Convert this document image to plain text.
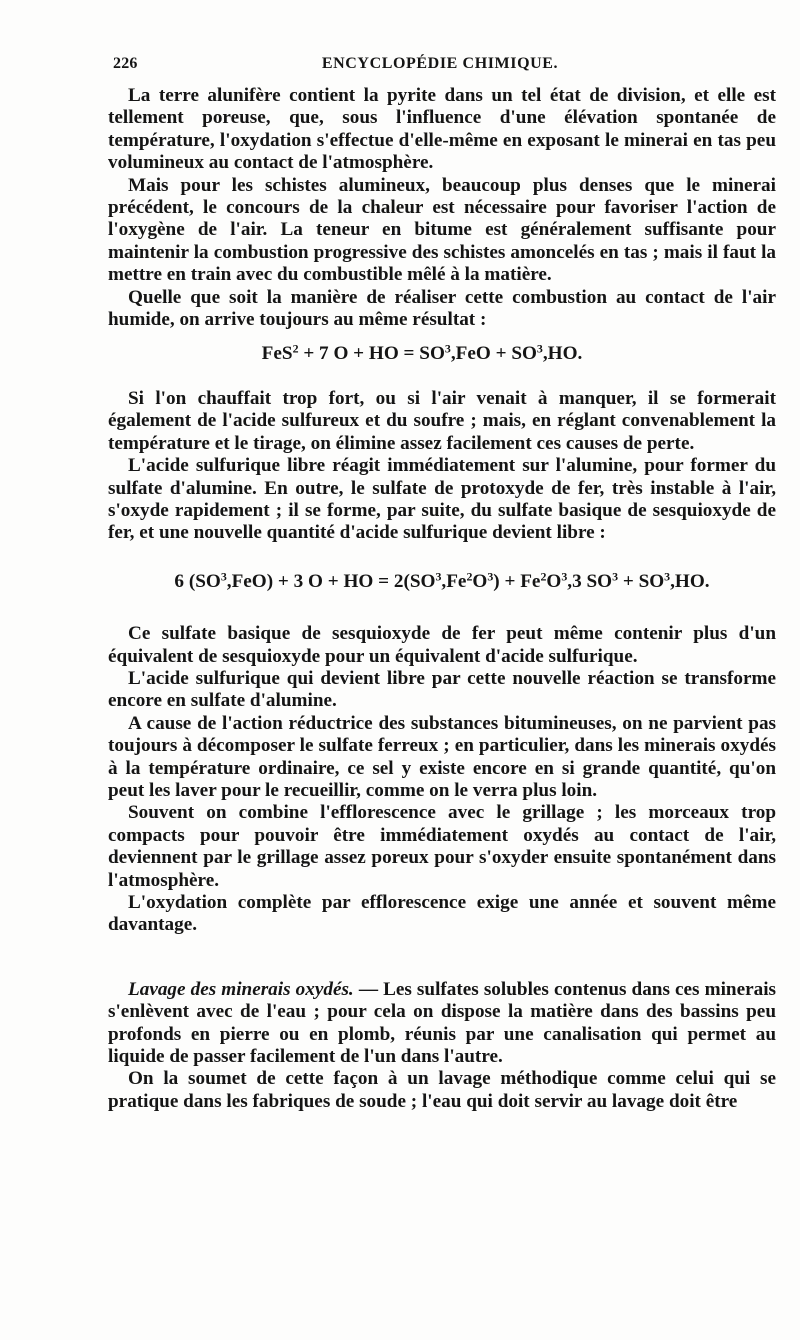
226	ENCYCLOPÉDIE CHIMIQUE.

La terre alunifère contient la pyrite dans un tel état de division, et elle est tellement poreuse, que, sous l'influence d'une élévation spontanée de température, l'oxydation s'effectue d'elle-même en exposant le minerai en tas peu volumineux au contact de l'atmosphère.

Mais pour les schistes alumineux, beaucoup plus denses que le minerai précédent, le concours de la chaleur est nécessaire pour favoriser l'action de l'oxygène de l'air. La teneur en bitume est généralement suffisante pour maintenir la combustion progressive des schistes amoncelés en tas ; mais il faut la mettre en train avec du combustible mêlé à la matière.

Quelle que soit la manière de réaliser cette combustion au contact de l'air humide, on arrive toujours au même résultat :

FeS$^2$ + 7 O + HO = $SO^3,FeO + SO^3,HO$.

Si l'on chauffait trop fort, ou si l'air venait à manquer, il se formerait également de l'acide sulfureux et du soufre ; mais, en réglant convenablement la température et le tirage, on élimine assez facilement ces causes de perte.

L'acide sulfurique libre réagit immédiatement sur l'alumine, pour former du sulfate d'alumine. En outre, le sulfate de protoxyde de fer, très instable à l'air, s'oxyde rapidement ; il se forme, par suite, du sulfate basique de sesquioxyde de fer, et une nouvelle quantité d'acide sulfurique devient libre :

6 $(SO^3,FeO) + 3$ O + HO = $2(SO^3,Fe^2O^3) + Fe^2O^3,3$ $SO^3 + SO^3,HO$.

Ce sulfate basique de sesquioxyde de fer peut même contenir plus d'un équivalent de sesquioxyde pour un équivalent d'acide sulfurique.

L'acide sulfurique qui devient libre par cette nouvelle réaction se transforme encore en sulfate d'alumine.

A cause de l'action réductrice des substances bitumineuses, on ne parvient pas toujours à décomposer le sulfate ferreux ; en particulier, dans les minerais oxydés à la température ordinaire, ce sel y existe encore en si grande quantité, qu'on peut les laver pour le recueillir, comme on le verra plus loin.

Souvent on combine l'efflorescence avec le grillage ; les morceaux trop compacts pour pouvoir être immédiatement oxydés au contact de l'air, deviennent par le grillage assez poreux pour s'oxyder ensuite spontanément dans l'atmosphère.

L'oxydation complète par efflorescence exige une année et souvent même davantage.

Lavage des minerais oxydés. — Les sulfates solubles contenus dans ces minerais s'enlèvent avec de l'eau ; pour cela on dispose la matière dans des bassins peu profonds en pierre ou en plomb, réunis par une canalisation qui permet au liquide de passer facilement de l'un dans l'autre.

On la soumet de cette façon à un lavage méthodique comme celui qui se pratique dans les fabriques de soude ; l'eau qui doit servir au lavage doit être
